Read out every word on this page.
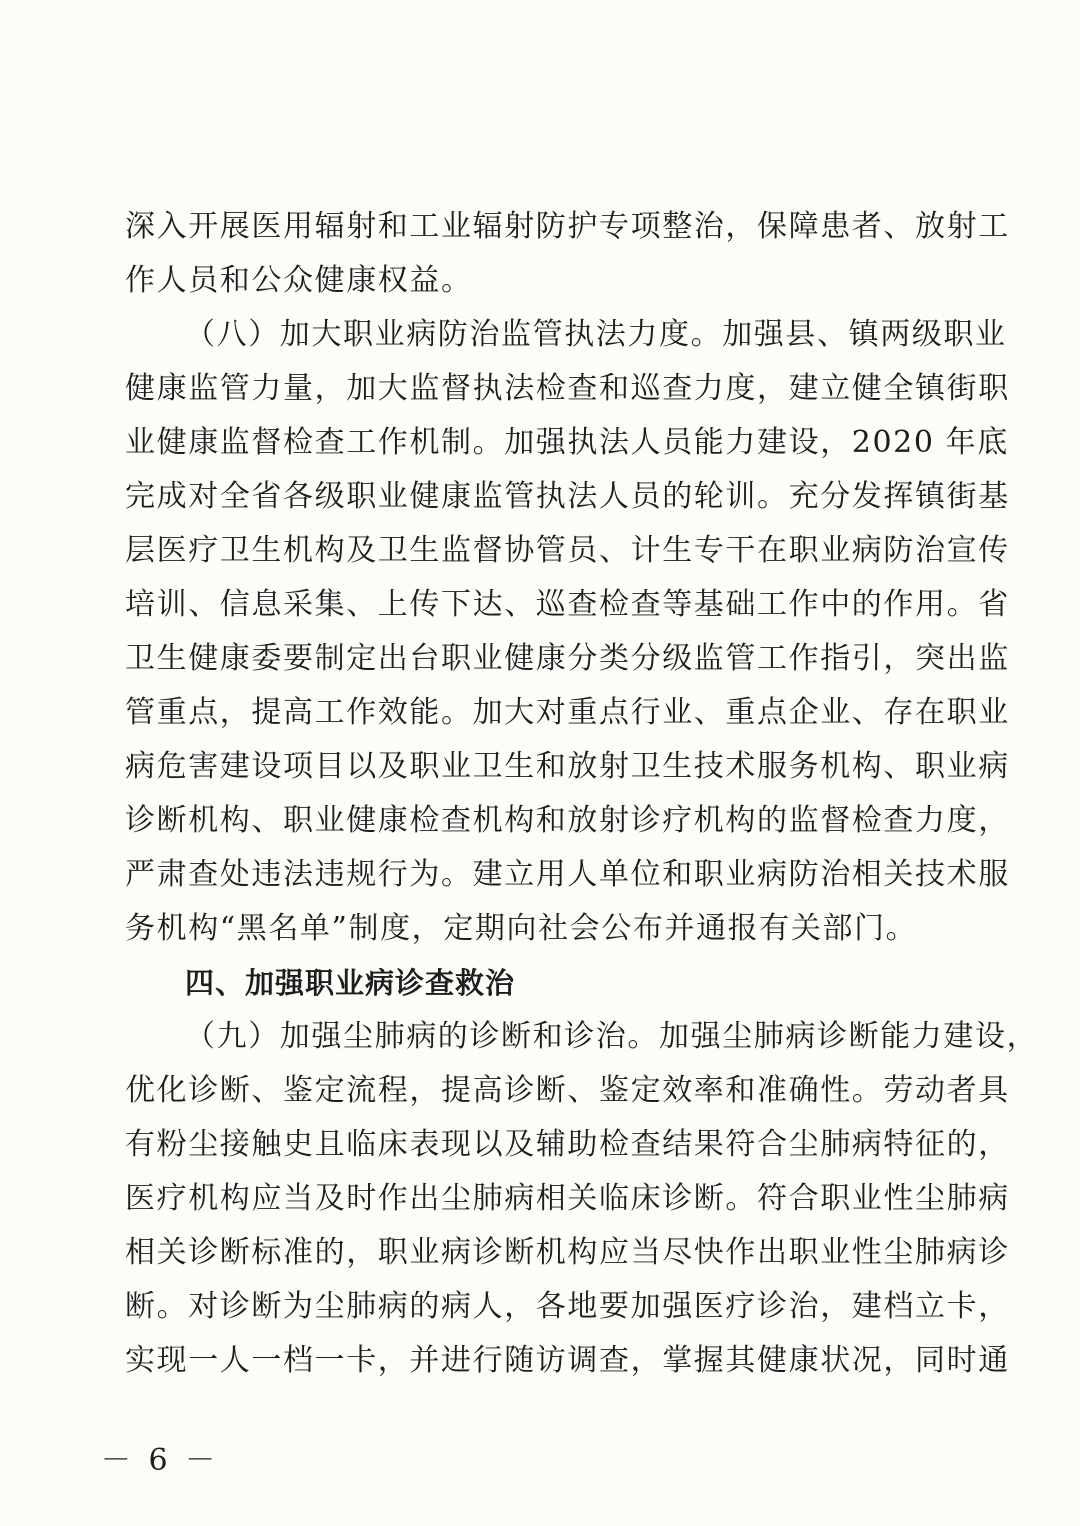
深入开展医用辐射和工业辐射防护专项整治，保障患者、放射工
作人员和公众健康权益。
（八）加大职业病防治监管执法力度。加强县、镇两级职业
健康监管力量，加大监督执法检查和巡查力度，建立健全镇街职
业健康监督检查工作机制。加强执法人员能力建设，2020 年底
完成对全省各级职业健康监管执法人员的轮训。充分发挥镇街基
层医疗卫生机构及卫生监督协管员、计生专干在职业病防治宣传
培训、信息采集、上传下达、巡查检查等基础工作中的作用。省
卫生健康委要制定出台职业健康分类分级监管工作指引，突出监
管重点，提高工作效能。加大对重点行业、重点企业、存在职业
病危害建设项目以及职业卫生和放射卫生技术服务机构、职业病
诊断机构、职业健康检查机构和放射诊疗机构的监督检查力度，
严肃查处违法违规行为。建立用人单位和职业病防治相关技术服
务机构“黑名单”制度，定期向社会公布并通报有关部门。
四、加强职业病诊查救治
（九）加强尘肺病的诊断和诊治。加强尘肺病诊断能力建设，
优化诊断、鉴定流程，提高诊断、鉴定效率和准确性。劳动者具
有粉尘接触史且临床表现以及辅助检查结果符合尘肺病特征的，
医疗机构应当及时作出尘肺病相关临床诊断。符合职业性尘肺病
相关诊断标准的，职业病诊断机构应当尽快作出职业性尘肺病诊
断。对诊断为尘肺病的病人，各地要加强医疗诊治，建档立卡，
实现一人一档一卡，并进行随访调查，掌握其健康状况，同时通
－ 6 －
